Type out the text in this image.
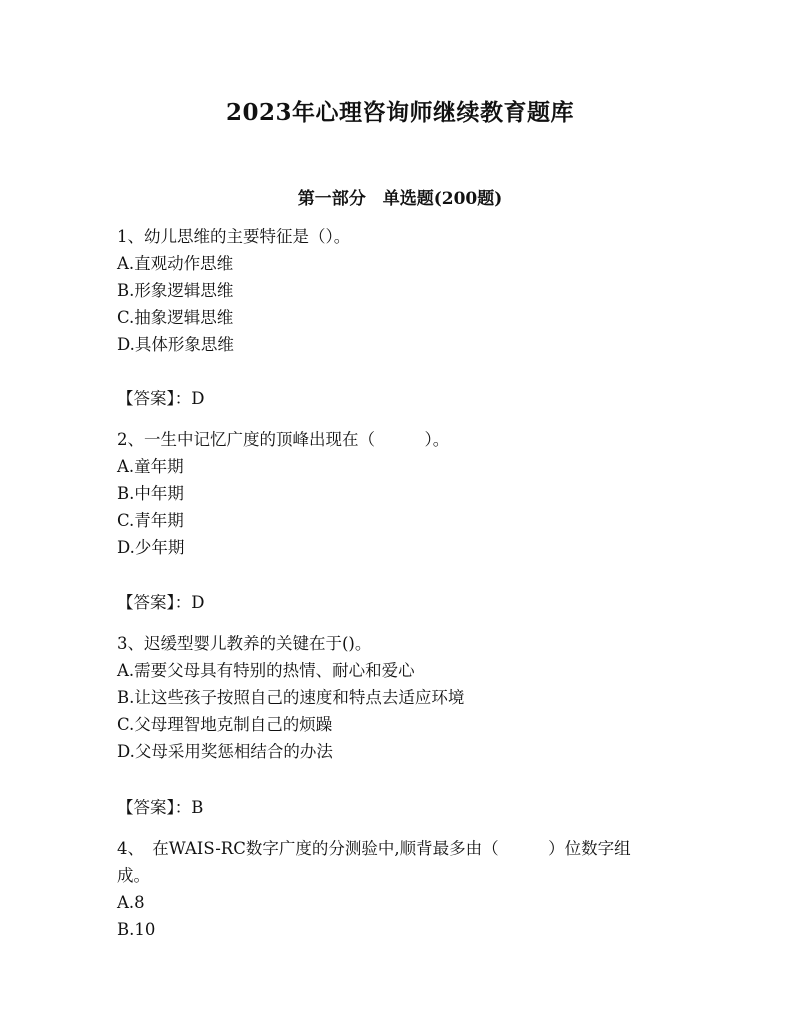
2023年心理咨询师继续教育题库
第一部分　单选题(200题)
1、幼儿思维的主要特征是（）。
A.直观动作思维
B.形象逻辑思维
C.抽象逻辑思维
D.具体形象思维
【答案】：D
2、一生中记忆广度的顶峰出现在（　　　）。
A.童年期
B.中年期
C.青年期
D.少年期
【答案】：D
3、迟缓型婴儿教养的关键在于()。
A.需要父母具有特别的热情、耐心和爱心
B.让这些孩子按照自己的速度和特点去适应环境
C.父母理智地克制自己的烦躁
D.父母采用奖惩相结合的办法
【答案】：B
4、　在WAIS-RC数字广度的分测验中,顺背最多由（　　　）位数字组
成。
A.8
B.10
